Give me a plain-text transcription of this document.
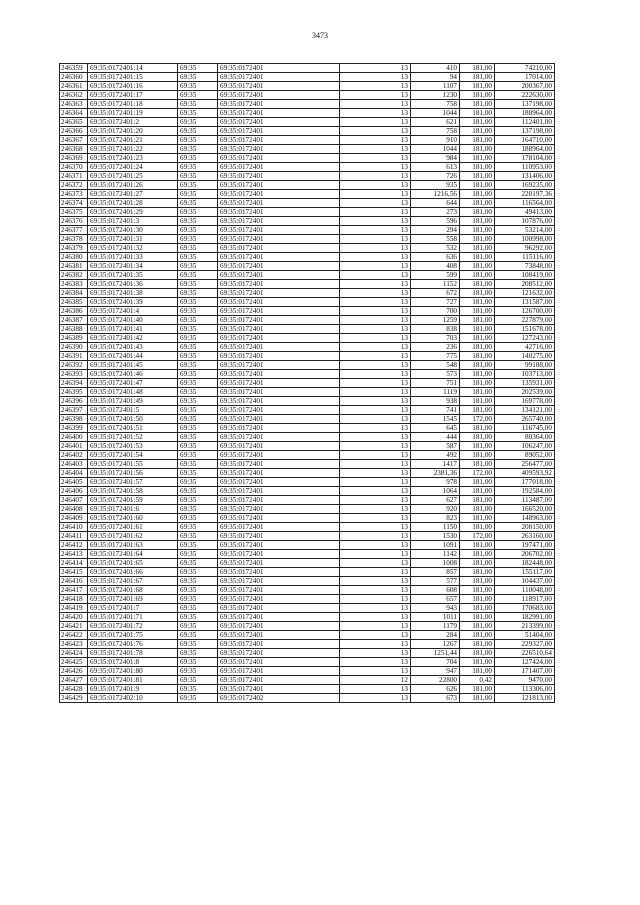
3473
246359	69:35:0172401:14	69:35	69:35:0172401	13	410	181,00	74210,00
246360	69:35:0172401:15	69:35	69:35:0172401	13	94	181,00	17014,00
246361	69:35:0172401:16	69:35	69:35:0172401	13	1107	181,00	200367,00
246362	69:35:0172401:17	69:35	69:35:0172401	13	1230	181,00	222630,00
246363	69:35:0172401:18	69:35	69:35:0172401	13	758	181,00	137198,00
246364	69:35:0172401:19	69:35	69:35:0172401	13	1044	181,00	188964,00
246365	69:35:0172401:2	69:35	69:35:0172401	13	621	181,00	112401,00
246366	69:35:0172401:20	69:35	69:35:0172401	13	758	181,00	137198,00
246367	69:35:0172401:21	69:35	69:35:0172401	13	910	181,00	164710,00
246368	69:35:0172401:22	69:35	69:35:0172401	13	1044	181,00	188964,00
246369	69:35:0172401:23	69:35	69:35:0172401	13	984	181,00	178104,00
246370	69:35:0172401:24	69:35	69:35:0172401	13	613	181,00	110953,00
246371	69:35:0172401:25	69:35	69:35:0172401	13	726	181,00	131406,00
246372	69:35:0172401:26	69:35	69:35:0172401	13	935	181,00	169235,00
246373	69:35:0172401:27	69:35	69:35:0172401	13	1216,56	181,00	220197,36
246374	69:35:0172401:28	69:35	69:35:0172401	13	644	181,00	116564,00
246375	69:35:0172401:29	69:35	69:35:0172401	13	273	181,00	49413,00
246376	69:35:0172401:3	69:35	69:35:0172401	13	596	181,00	107876,00
246377	69:35:0172401:30	69:35	69:35:0172401	13	294	181,00	53214,00
246378	69:35:0172401:31	69:35	69:35:0172401	13	558	181,00	100998,00
246379	69:35:0172401:32	69:35	69:35:0172401	13	532	181,00	96292,00
246380	69:35:0172401:33	69:35	69:35:0172401	13	636	181,00	115116,00
246381	69:35:0172401:34	69:35	69:35:0172401	13	408	181,00	73848,00
246382	69:35:0172401:35	69:35	69:35:0172401	13	599	181,00	108419,00
246383	69:35:0172401:36	69:35	69:35:0172401	13	1152	181,00	208512,00
246384	69:35:0172401:38	69:35	69:35:0172401	13	672	181,00	121632,00
246385	69:35:0172401:39	69:35	69:35:0172401	13	727	181,00	131587,00
246386	69:35:0172401:4	69:35	69:35:0172401	13	700	181,00	126700,00
246387	69:35:0172401:40	69:35	69:35:0172401	13	1259	181,00	227879,00
246388	69:35:0172401:41	69:35	69:35:0172401	13	838	181,00	151678,00
246389	69:35:0172401:42	69:35	69:35:0172401	13	703	181,00	127243,00
246390	69:35:0172401:43	69:35	69:35:0172401	13	236	181,00	42716,00
246391	69:35:0172401:44	69:35	69:35:0172401	13	775	181,00	140275,00
246392	69:35:0172401:45	69:35	69:35:0172401	13	548	181,00	99188,00
246393	69:35:0172401:46	69:35	69:35:0172401	13	573	181,00	103713,00
246394	69:35:0172401:47	69:35	69:35:0172401	13	751	181,00	135931,00
246395	69:35:0172401:48	69:35	69:35:0172401	13	1119	181,00	202539,00
246396	69:35:0172401:49	69:35	69:35:0172401	13	938	181,00	169778,00
246397	69:35:0172401:5	69:35	69:35:0172401	13	741	181,00	134121,00
246398	69:35:0172401:50	69:35	69:35:0172401	13	1545	172,00	265740,00
246399	69:35:0172401:51	69:35	69:35:0172401	13	645	181,00	116745,00
246400	69:35:0172401:52	69:35	69:35:0172401	13	444	181,00	80364,00
246401	69:35:0172401:53	69:35	69:35:0172401	13	587	181,00	106247,00
246402	69:35:0172401:54	69:35	69:35:0172401	13	492	181,00	89052,00
246403	69:35:0172401:55	69:35	69:35:0172401	13	1417	181,00	256477,00
246404	69:35:0172401:56	69:35	69:35:0172401	13	2381,36	172,00	409593,92
246405	69:35:0172401:57	69:35	69:35:0172401	13	978	181,00	177018,00
246406	69:35:0172401:58	69:35	69:35:0172401	13	1064	181,00	192584,00
246407	69:35:0172401:59	69:35	69:35:0172401	13	627	181,00	113487,00
246408	69:35:0172401:6	69:35	69:35:0172401	13	920	181,00	166520,00
246409	69:35:0172401:60	69:35	69:35:0172401	13	823	181,00	148963,00
246410	69:35:0172401:61	69:35	69:35:0172401	13	1150	181,00	208150,00
246411	69:35:0172401:62	69:35	69:35:0172401	13	1530	172,00	263160,00
246412	69:35:0172401:63	69:35	69:35:0172401	13	1091	181,00	197471,00
246413	69:35:0172401:64	69:35	69:35:0172401	13	1142	181,00	206702,00
246414	69:35:0172401:65	69:35	69:35:0172401	13	1008	181,00	182448,00
246415	69:35:0172401:66	69:35	69:35:0172401	13	857	181,00	155117,00
246416	69:35:0172401:67	69:35	69:35:0172401	13	577	181,00	104437,00
246417	69:35:0172401:68	69:35	69:35:0172401	13	608	181,00	110048,00
246418	69:35:0172401:69	69:35	69:35:0172401	13	657	181,00	118917,00
246419	69:35:0172401:7	69:35	69:35:0172401	13	943	181,00	170683,00
246420	69:35:0172401:71	69:35	69:35:0172401	13	1011	181,00	182991,00
246421	69:35:0172401:72	69:35	69:35:0172401	13	1179	181,00	213399,00
246422	69:35:0172401:75	69:35	69:35:0172401	13	284	181,00	51404,00
246423	69:35:0172401:76	69:35	69:35:0172401	13	1267	181,00	229327,00
246424	69:35:0172401:78	69:35	69:35:0172401	13	1251,44	181,00	226510,64
246425	69:35:0172401:8	69:35	69:35:0172401	13	704	181,00	127424,00
246426	69:35:0172401:80	69:35	69:35:0172401	13	947	181,00	171407,00
246427	69:35:0172401:81	69:35	69:35:0172401	12	22800	0,42	9470,00
246428	69:35:0172401:9	69:35	69:35:0172401	13	626	181,00	113306,00
246429	69:35:0172402:10	69:35	69:35:0172402	13	673	181,00	121813,00
